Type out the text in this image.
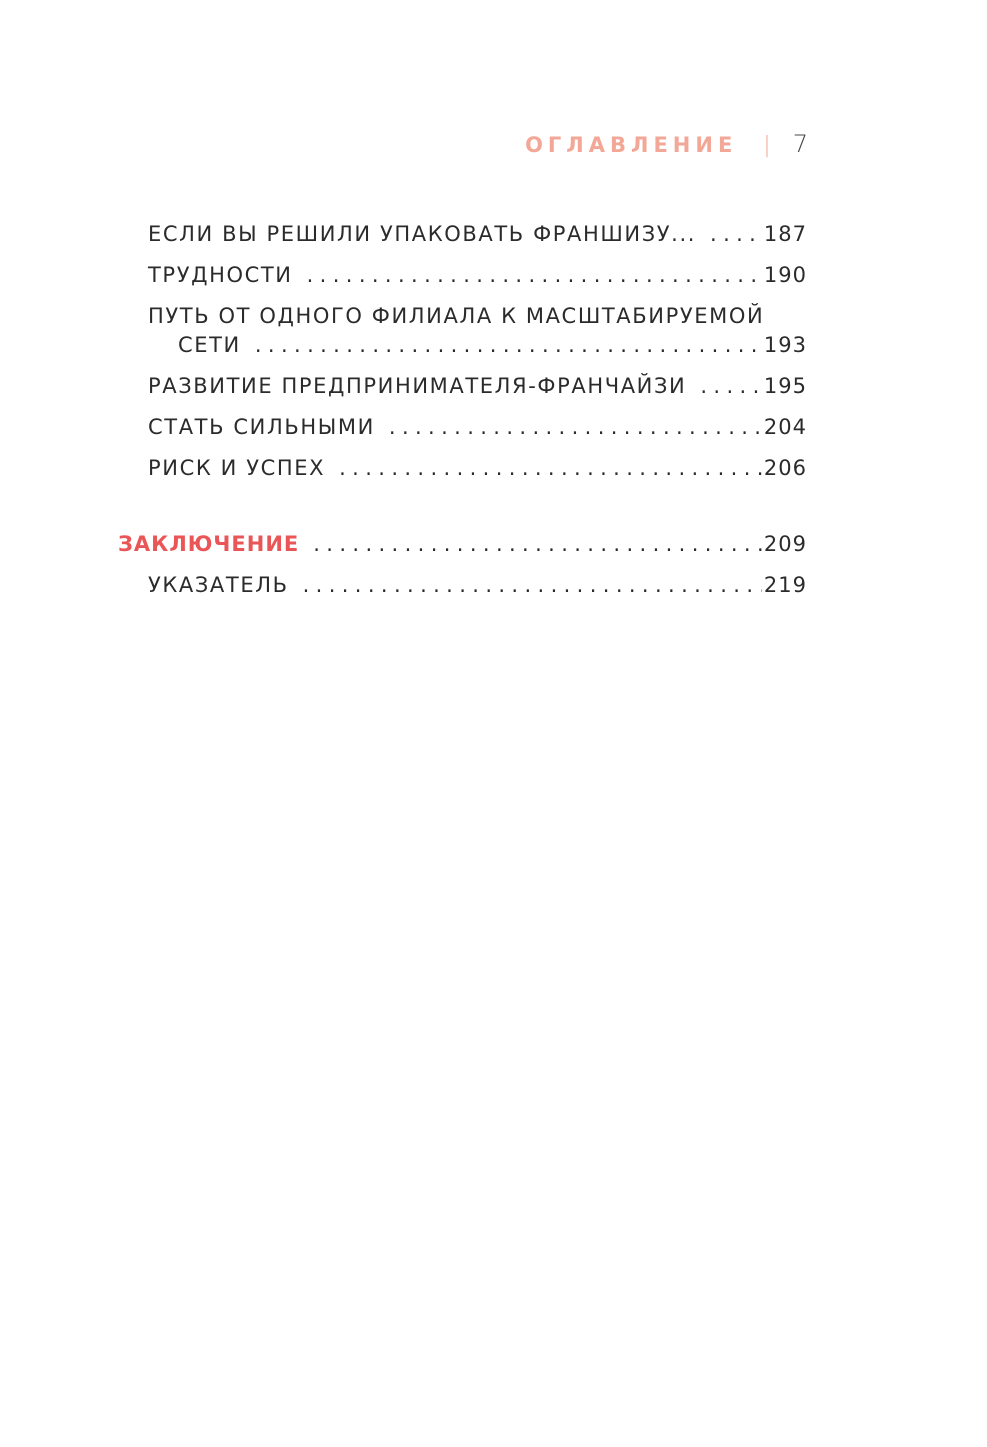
ОГЛАВЛЕНИЕ | 7
ЕСЛИ ВЫ РЕШИЛИ УПАКОВАТЬ ФРАНШИЗУ... . . .	187
ТРУДНОСТИ . . .	190
ПУТЬ ОТ ОДНОГО ФИЛИАЛА К МАСШТАБИРУЕМОЙ
СЕТИ . . .	193
РАЗВИТИЕ ПРЕДПРИНИМАТЕЛЯ-ФРАНЧАЙЗИ . . .	195
СТАТЬ СИЛЬНЫМИ . . .	204
РИСК И УСПЕХ . . .	206
ЗАКЛЮЧЕНИЕ . . .	209
УКАЗАТЕЛЬ . . .	219
